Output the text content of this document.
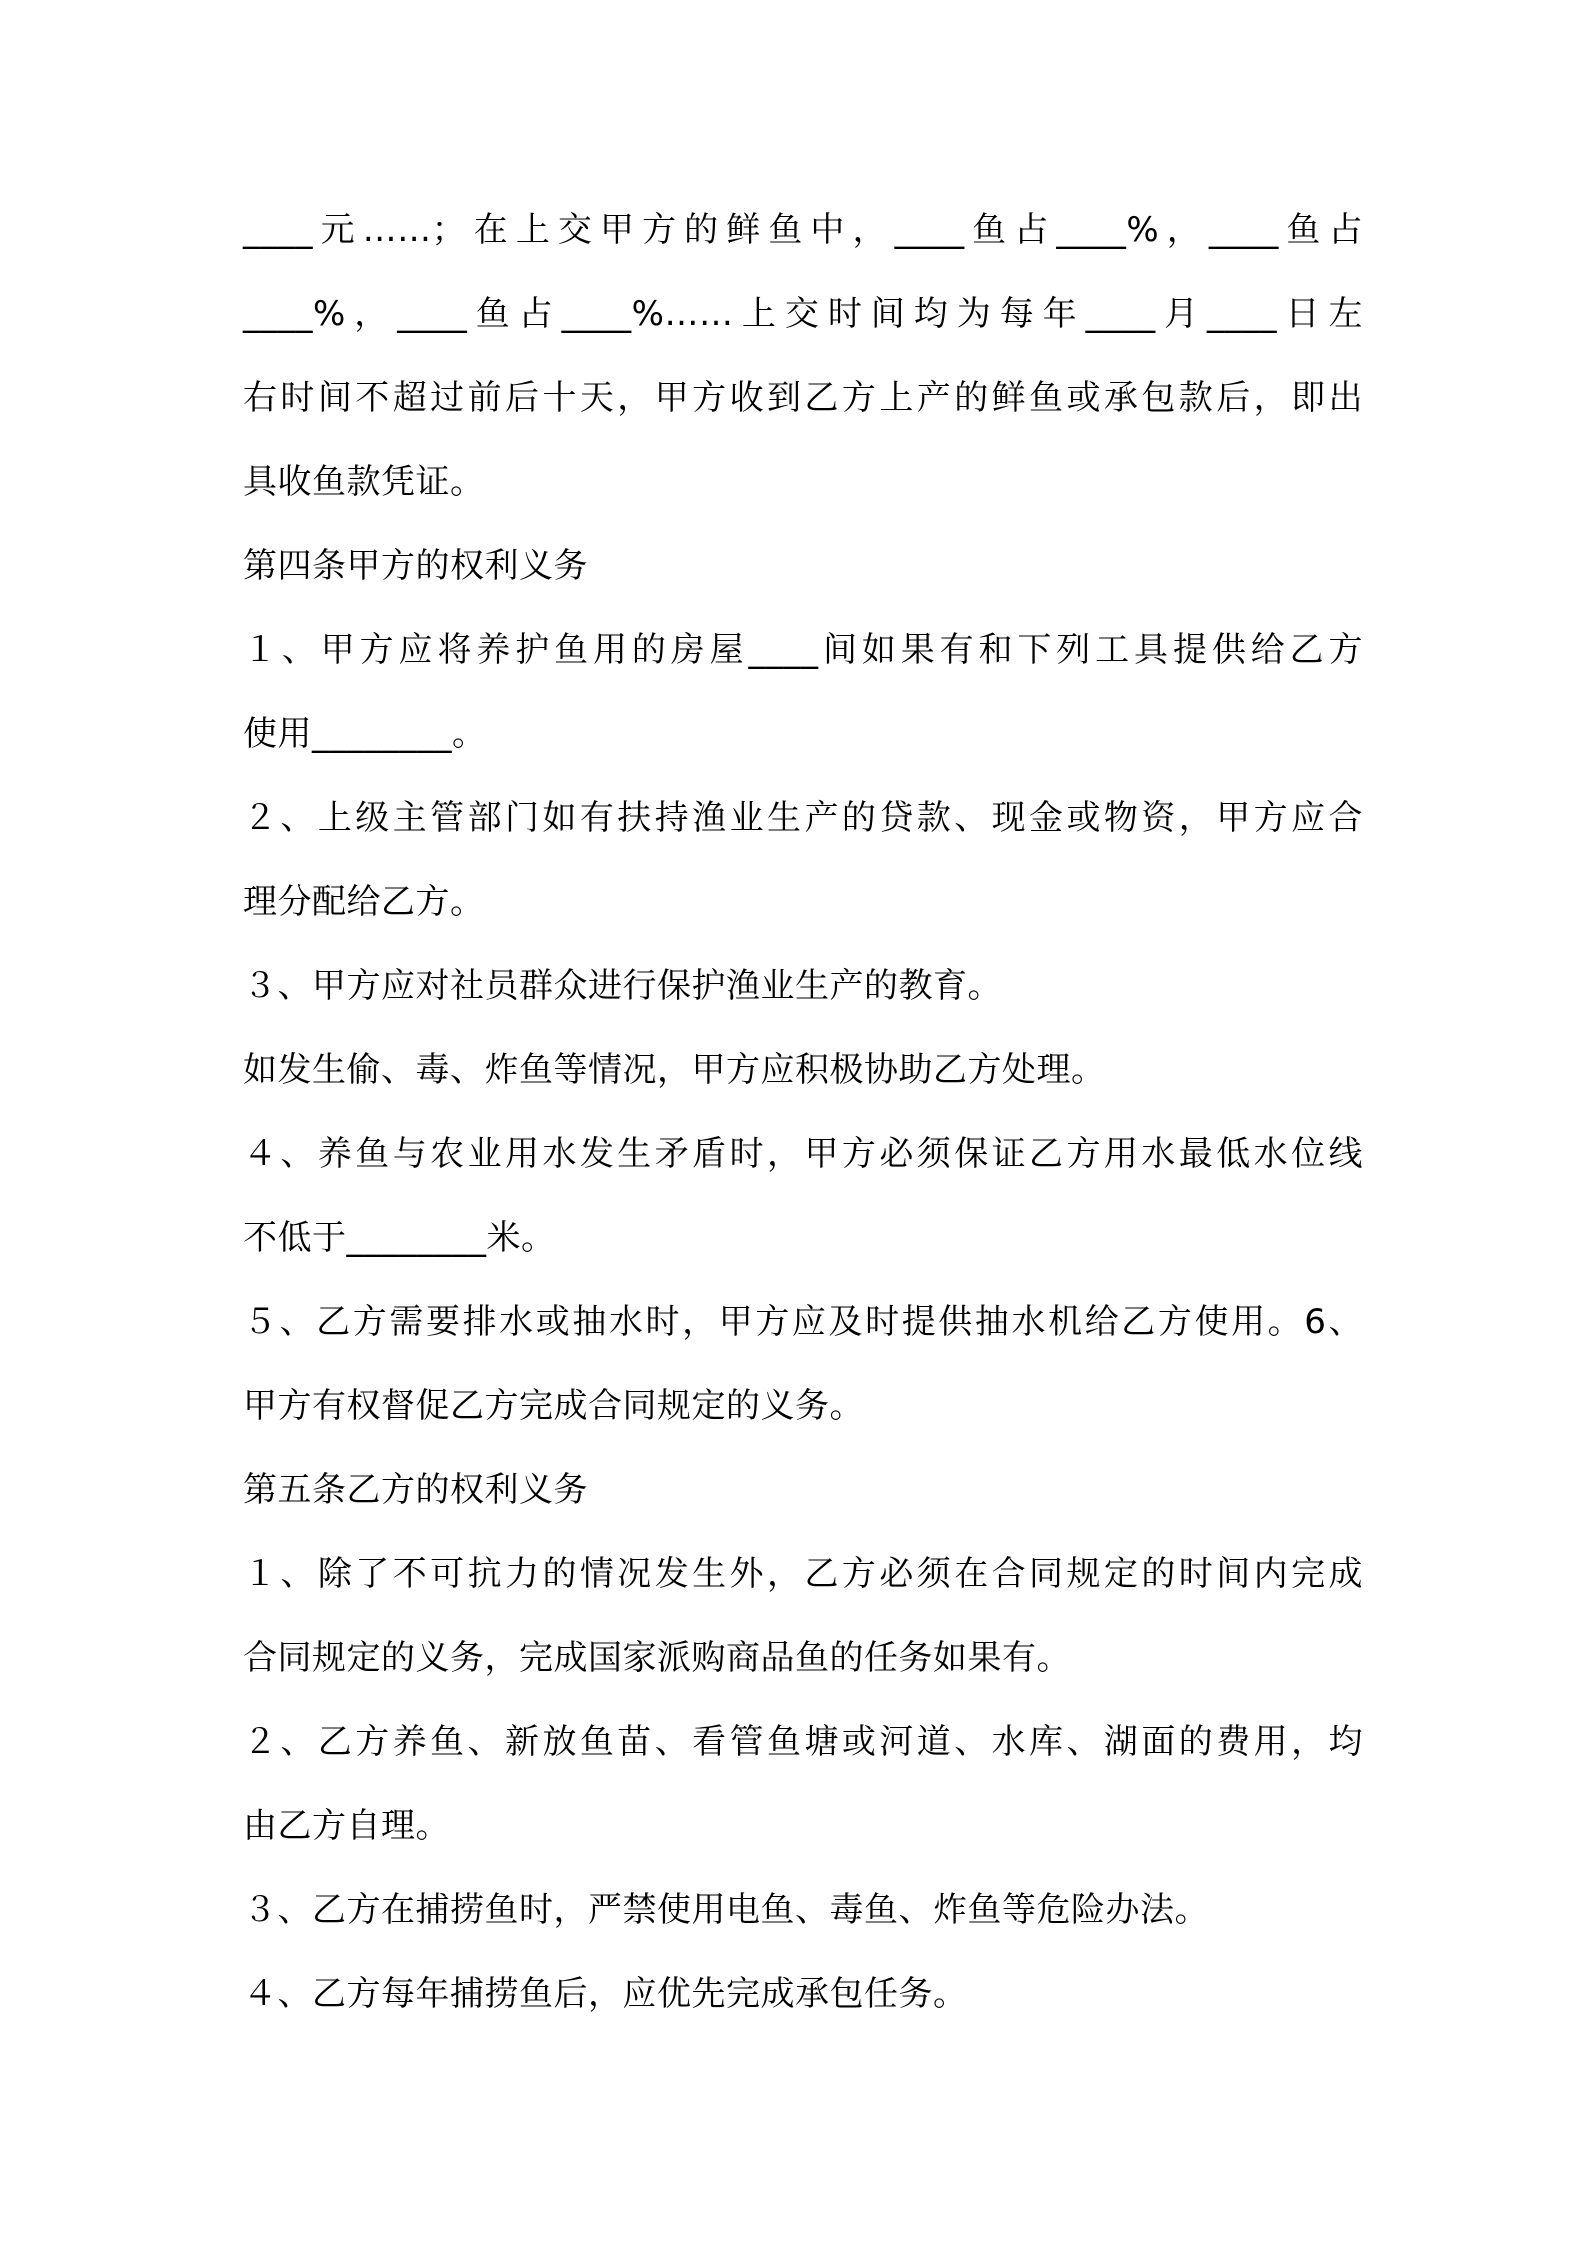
____元……；在上交甲方的鲜鱼中，____鱼占____%，____鱼占
____%，____鱼占____%……上交时间均为每年____月____日左
右时间不超过前后十天，甲方收到乙方上产的鲜鱼或承包款后，即出
具收鱼款凭证。
第四条甲方的权利义务
１、甲方应将养护鱼用的房屋____间如果有和下列工具提供给乙方
使用________。
２、上级主管部门如有扶持渔业生产的贷款、现金或物资，甲方应合
理分配给乙方。
３、甲方应对社员群众进行保护渔业生产的教育。
如发生偷、毒、炸鱼等情况，甲方应积极协助乙方处理。
４、养鱼与农业用水发生矛盾时，甲方必须保证乙方用水最低水位线
不低于________米。
５、乙方需要排水或抽水时，甲方应及时提供抽水机给乙方使用。6、
甲方有权督促乙方完成合同规定的义务。
第五条乙方的权利义务
１、除了不可抗力的情况发生外，乙方必须在合同规定的时间内完成
合同规定的义务，完成国家派购商品鱼的任务如果有。
２、乙方养鱼、新放鱼苗、看管鱼塘或河道、水库、湖面的费用，均
由乙方自理。
３、乙方在捕捞鱼时，严禁使用电鱼、毒鱼、炸鱼等危险办法。
４、乙方每年捕捞鱼后，应优先完成承包任务。
